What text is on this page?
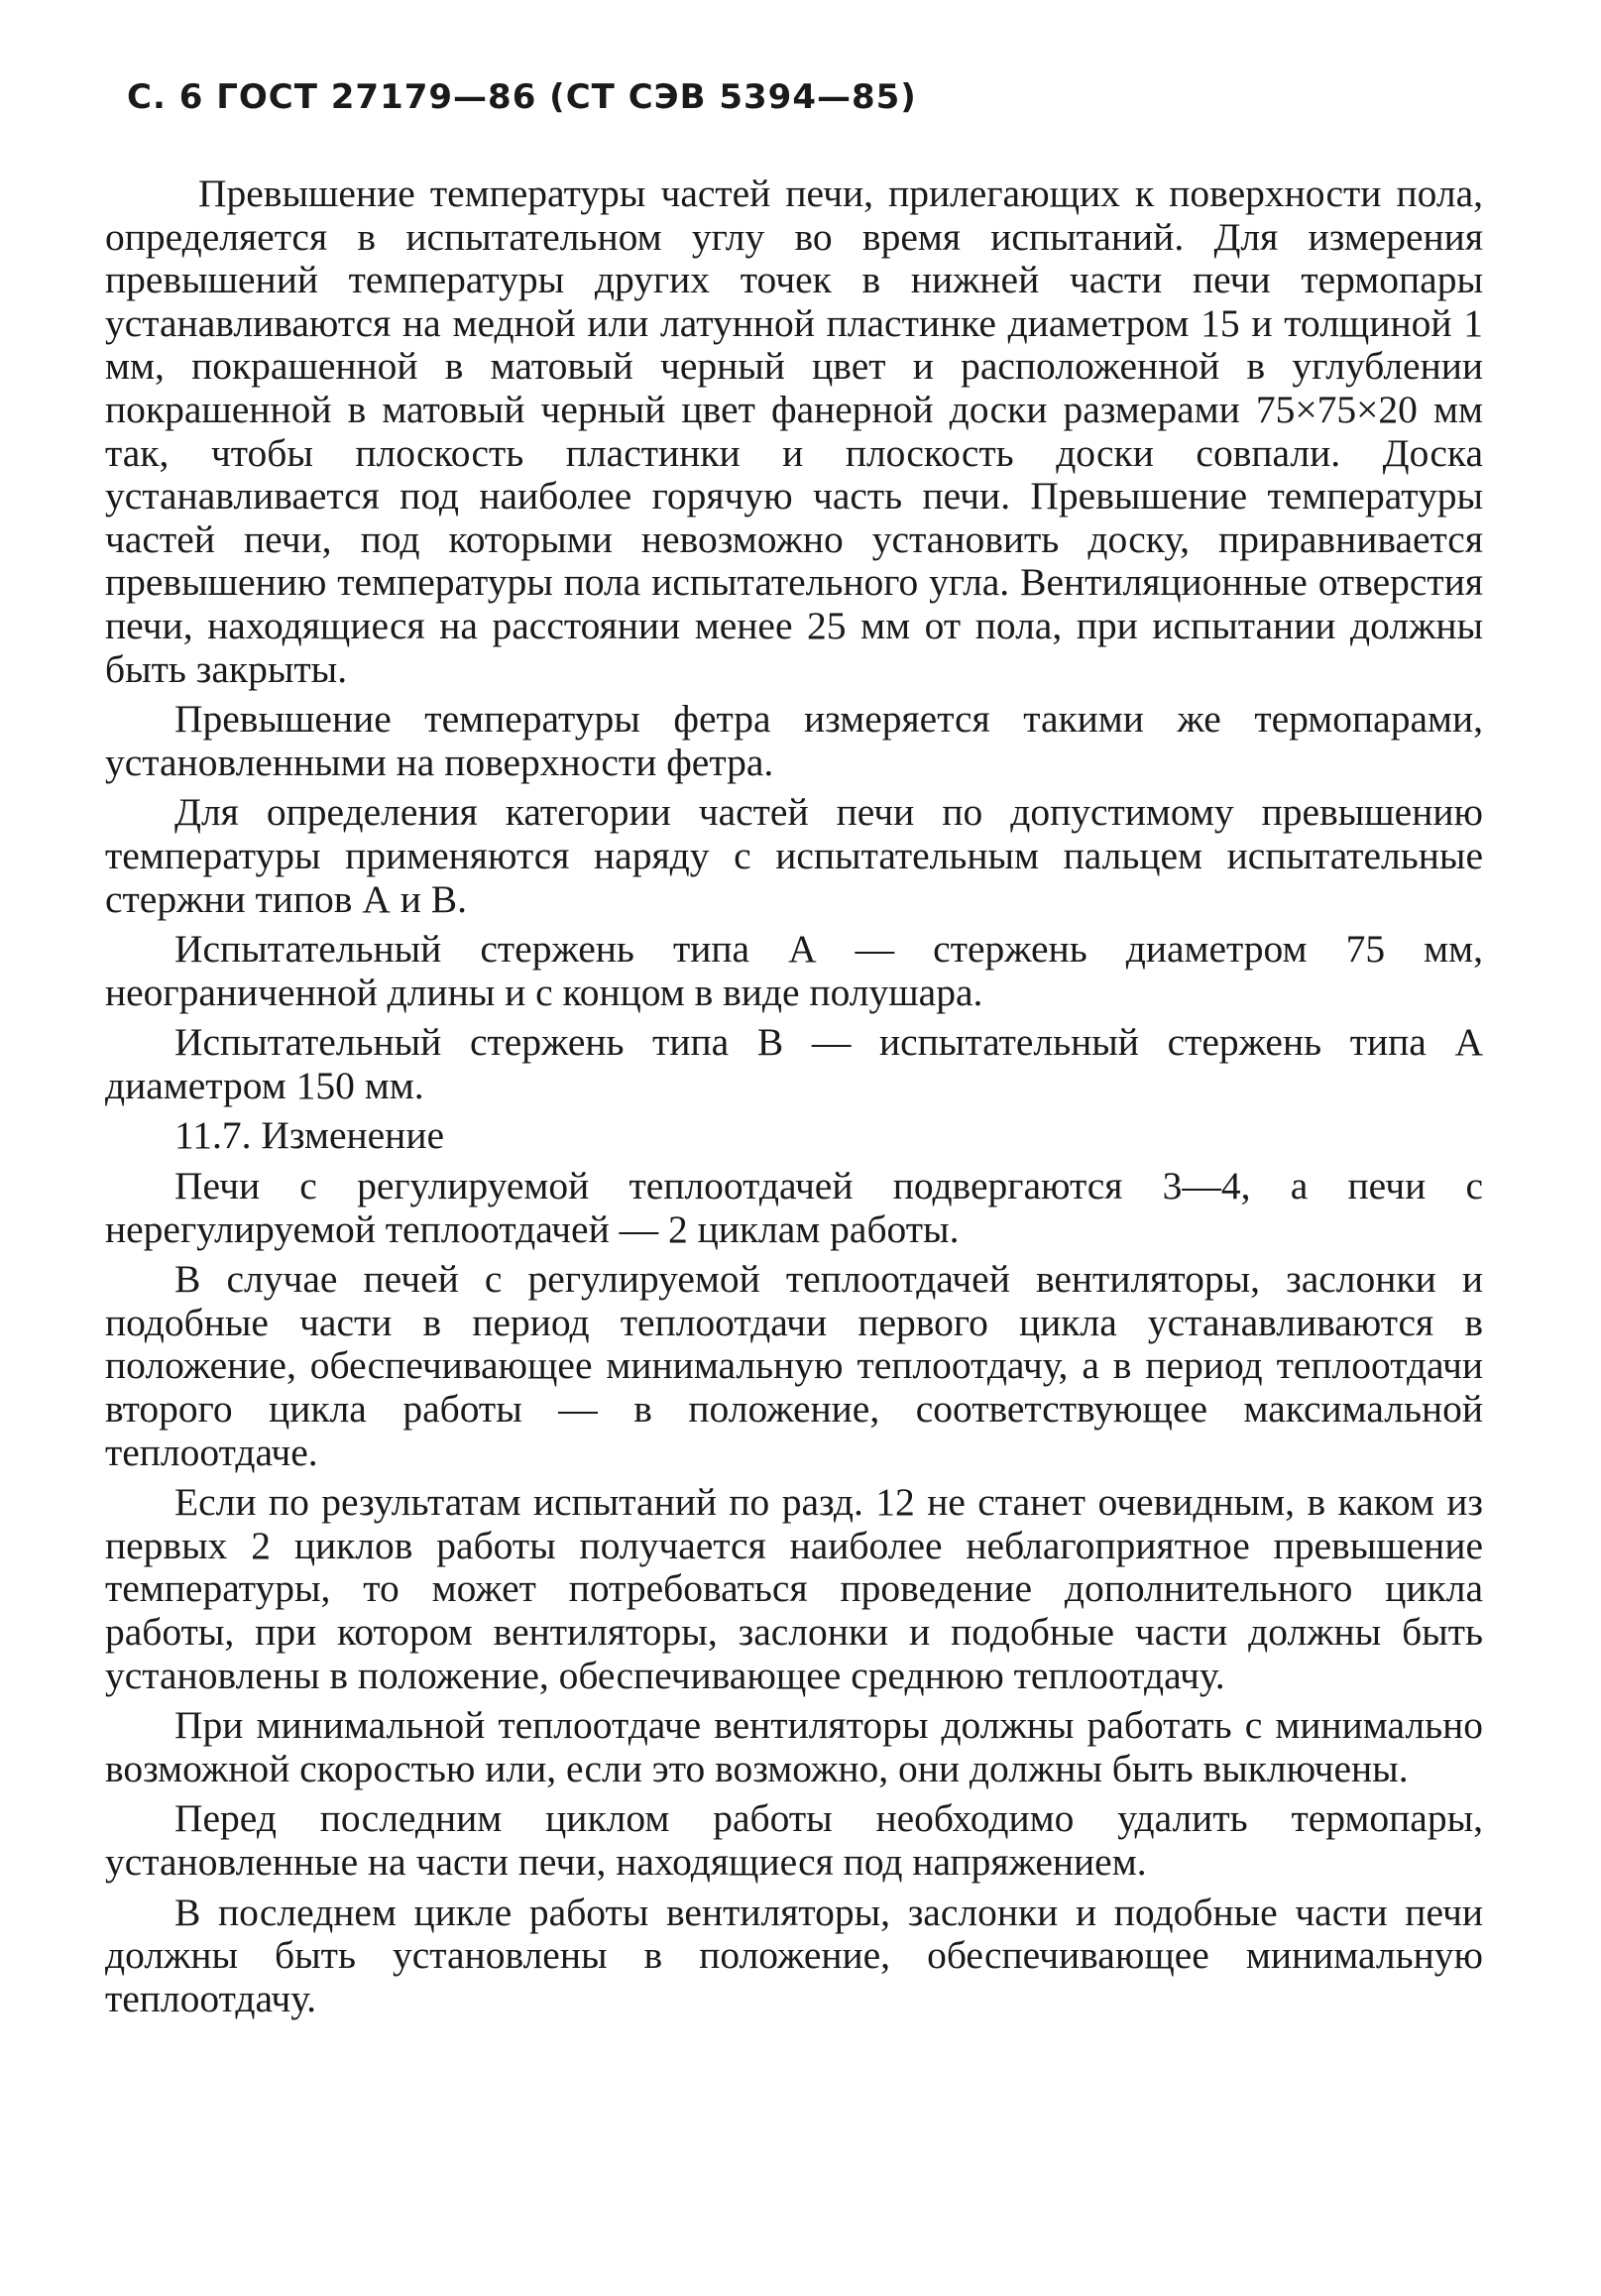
С. 6 ГОСТ 27179—86 (СТ СЭВ 5394—85)

Превышение температуры частей печи, прилегающих к поверхности пола, определяется в испытательном углу во время испытаний. Для измерения превышений температуры других точек в нижней части печи термопары устанавливаются на медной или латунной пластинке диаметром 15 и толщиной 1 мм, покрашенной в матовый черный цвет и расположенной в углублении покрашенной в матовый черный цвет фанерной доски размерами 75×75×20 мм так, чтобы плоскость пластинки и плоскость доски совпали. Доска устанавливается под наиболее горячую часть печи. Превышение температуры частей печи, под которыми невозможно установить доску, приравнивается превышению температуры пола испытательного угла. Вентиляционные отверстия печи, находящиеся на расстоянии менее 25 мм от пола, при испытании должны быть закрыты.

Превышение температуры фетра измеряется такими же термопарами, установленными на поверхности фетра.

Для определения категории частей печи по допустимому превышению температуры применяются наряду с испытательным пальцем испытательные стержни типов А и В.

Испытательный стержень типа А — стержень диаметром 75 мм, неограниченной длины и с концом в виде полушара.

Испытательный стержень типа В — испытательный стержень типа А диаметром 150 мм.

11.7. Изменение

Печи с регулируемой теплоотдачей подвергаются 3—4, а печи с нерегулируемой теплоотдачей — 2 циклам работы.

В случае печей с регулируемой теплоотдачей вентиляторы, заслонки и подобные части в период теплоотдачи первого цикла устанавливаются в положение, обеспечивающее минимальную теплоотдачу, а в период теплоотдачи второго цикла работы — в положение, соответствующее максимальной теплоотдаче.

Если по результатам испытаний по разд. 12 не станет очевидным, в каком из первых 2 циклов работы получается наиболее неблагоприятное превышение температуры, то может потребоваться проведение дополнительного цикла работы, при котором вентиляторы, заслонки и подобные части должны быть установлены в положение, обеспечивающее среднюю теплоотдачу.

При минимальной теплоотдаче вентиляторы должны работать с минимально возможной скоростью или, если это возможно, они должны быть выключены.

Перед последним циклом работы необходимо удалить термопары, установленные на части печи, находящиеся под напряжением.

В последнем цикле работы вентиляторы, заслонки и подобные части печи должны быть установлены в положение, обеспечивающее минимальную теплоотдачу.
